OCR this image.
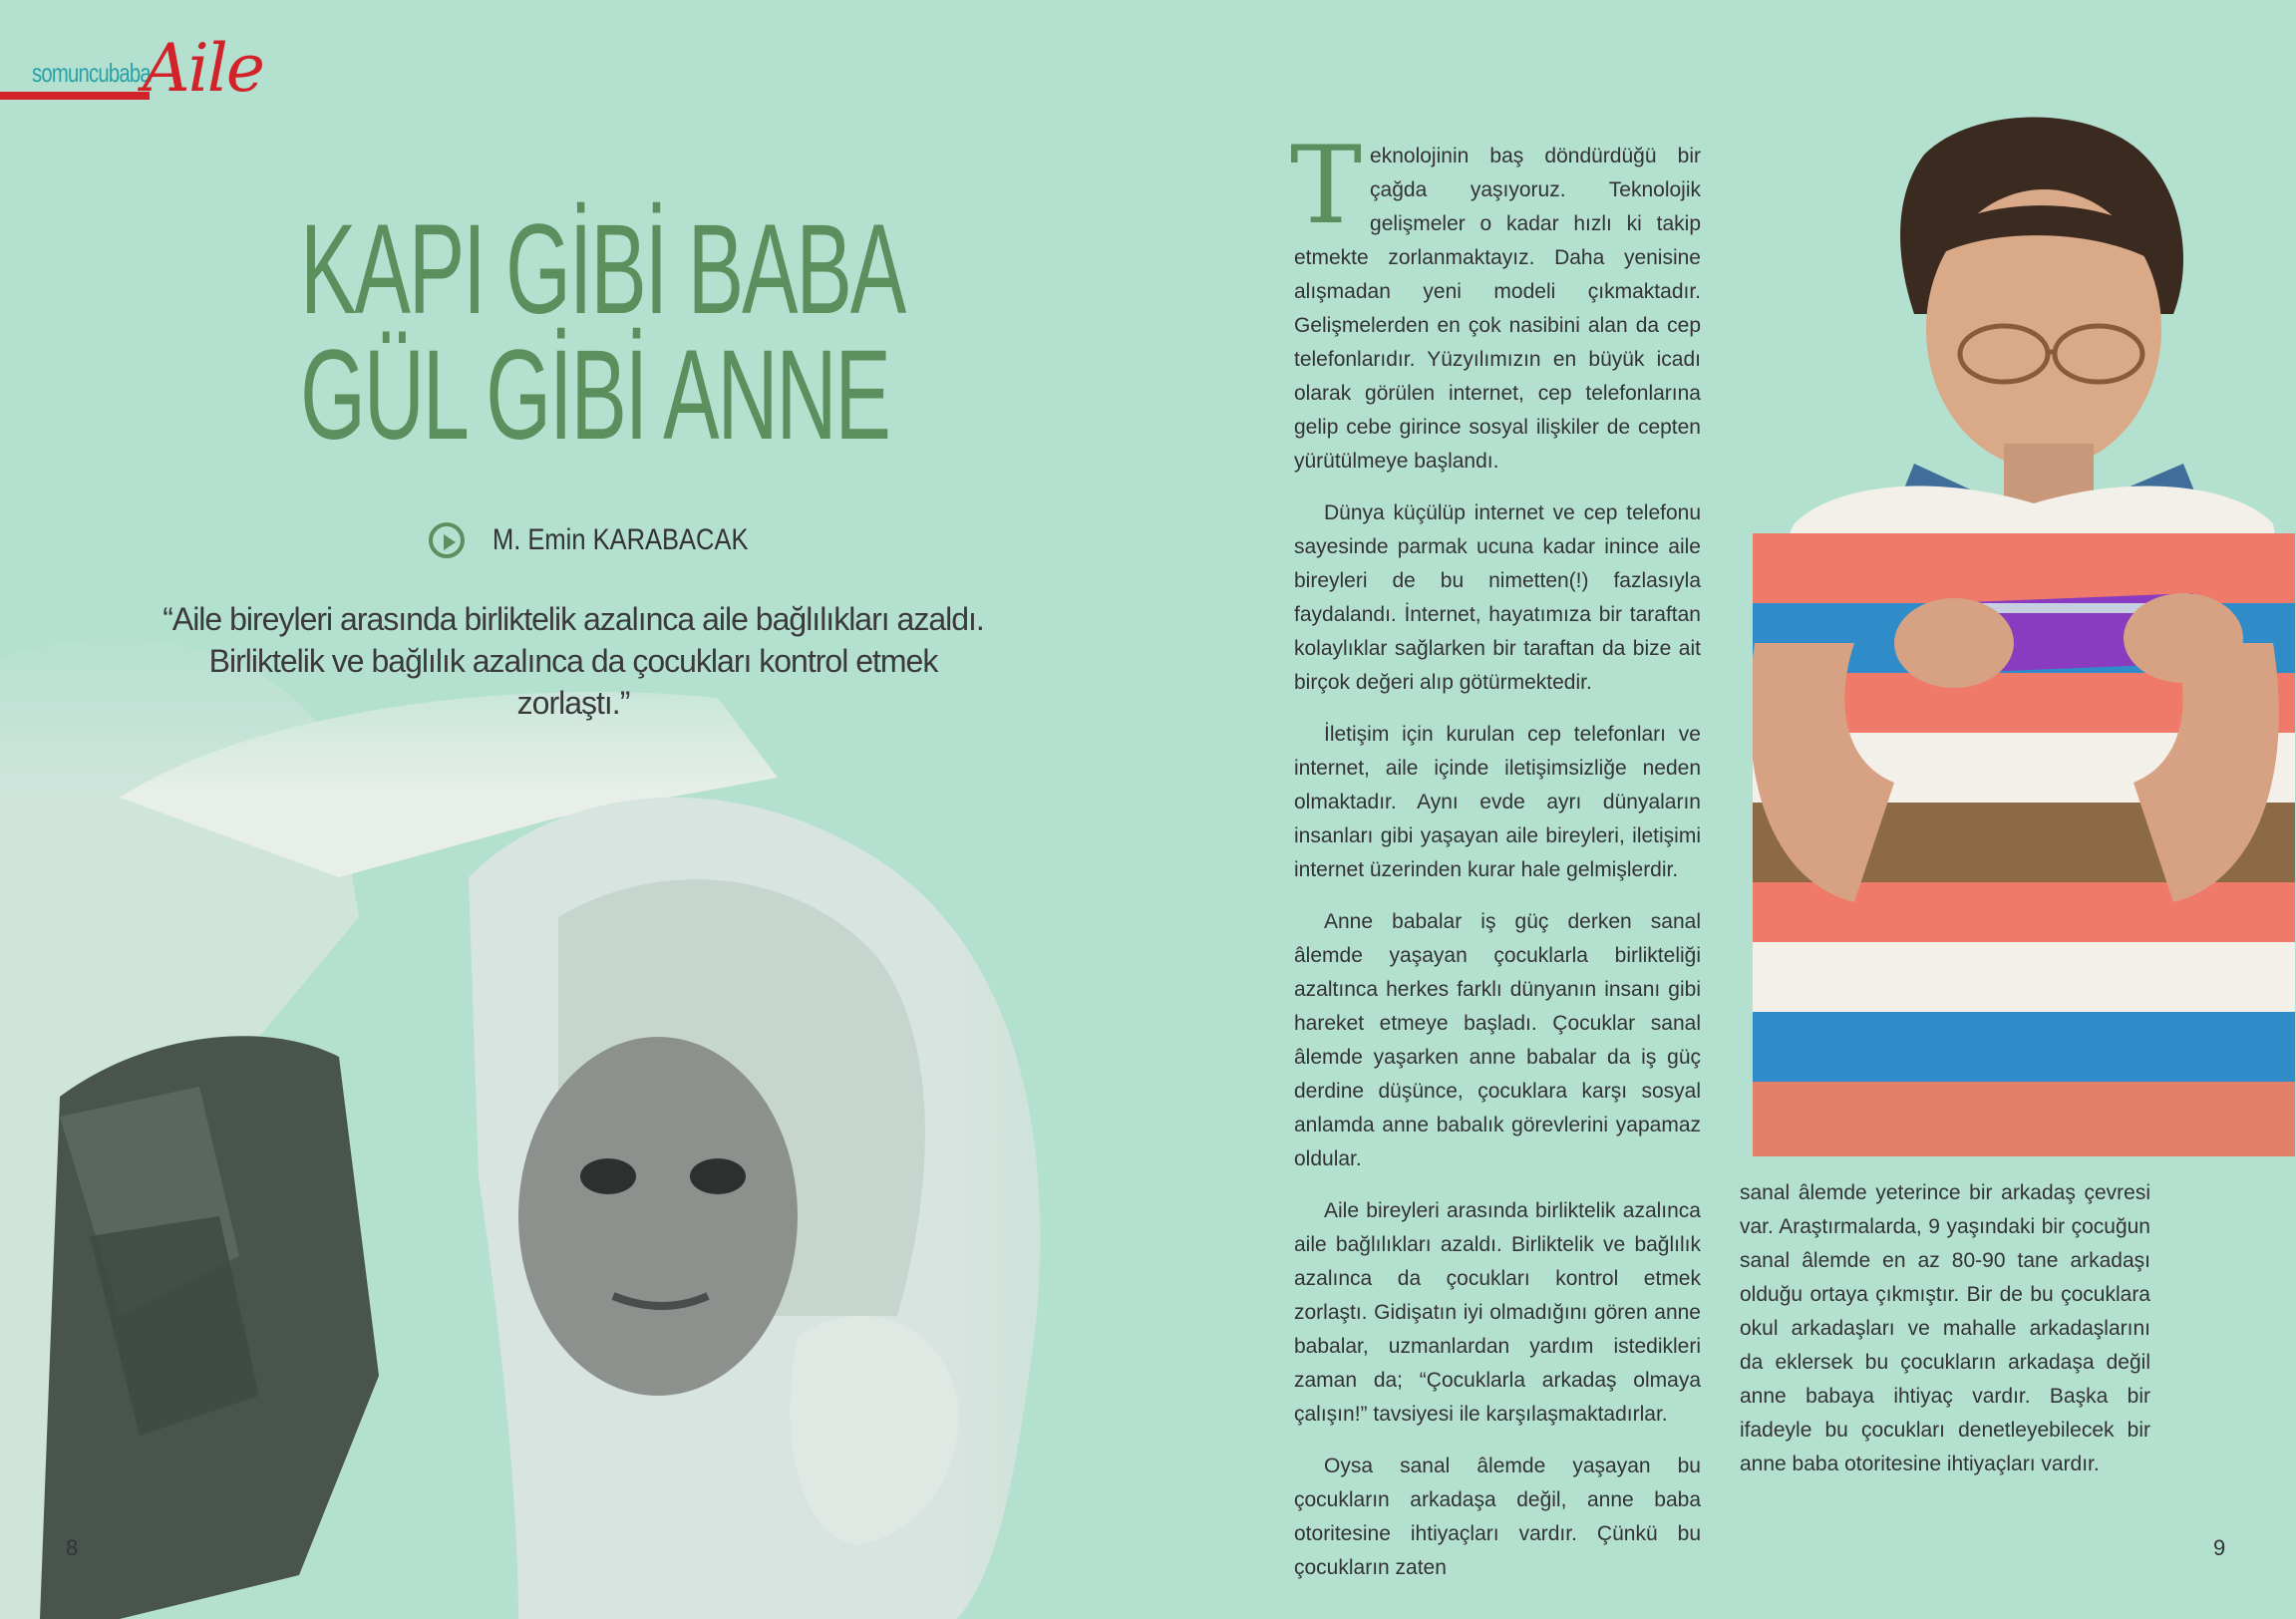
somuncubaba
Aile
KAPI GİBİ BABA
GÜL GİBİ ANNE
M. Emin KARABACAK
“Aile bireyleri arasında birliktelik azalınca aile bağlılıkları azaldı. Birliktelik ve bağlılık azalınca da çocukları kontrol etmek zorlaştı.”

Teknolojinin baş döndürdüğü bir çağda yaşıyoruz. Teknolojik gelişmeler o kadar hızlı ki takip etmekte zorlanmaktayız. Daha yenisine alışmadan yeni modeli çıkmaktadır. Gelişmelerden en çok nasibini alan da cep telefonlarıdır. Yüzyılımızın en büyük icadı olarak görülen internet, cep telefonlarına gelip cebe girince sosyal ilişkiler de cepten yürütülmeye başlandı.

Dünya küçülüp internet ve cep telefonu sayesinde parmak ucuna kadar inince aile bireyleri de bu nimetten(!) fazlasıyla faydalandı. İnternet, hayatımıza bir taraftan kolaylıklar sağlarken bir taraftan da bize ait birçok değeri alıp götürmektedir.

İletişim için kurulan cep telefonları ve internet, aile içinde iletişimsizliğe neden olmaktadır. Aynı evde ayrı dünyaların insanları gibi yaşayan aile bireyleri, iletişimi internet üzerinden kurar hale gelmişlerdir.

Anne babalar iş güç derken sanal âlemde yaşayan çocuklarla birlikteliği azaltınca herkes farklı dünyanın insanı gibi hareket etmeye başladı. Çocuklar sanal âlemde yaşarken anne babalar da iş güç derdine düşünce, çocuklara karşı sosyal anlamda anne babalık görevlerini yapamaz oldular.

Aile bireyleri arasında birliktelik azalınca aile bağlılıkları azaldı. Birliktelik ve bağlılık azalınca da çocukları kontrol etmek zorlaştı. Gidişatın iyi olmadığını gören anne babalar, uzmanlardan yardım istedikleri zaman da; “Çocuklarla arkadaş olmaya çalışın!” tavsiyesi ile karşılaşmaktadırlar.

Oysa sanal âlemde yaşayan bu çocukların arkadaşa değil, anne baba otoritesine ihtiyaçları vardır. Çünkü bu çocukların zaten

sanal âlemde yeterince bir arkadaş çevresi var. Araştırmalarda, 9 yaşındaki bir çocuğun sanal âlemde en az 80-90 tane arkadaşı olduğu ortaya çıkmıştır. Bir de bu çocuklara okul arkadaşları ve mahalle arkadaşlarını da eklersek bu çocukların arkadaşa değil anne babaya ihtiyaç vardır. Başka bir ifadeyle bu çocukları denetleyebilecek bir anne baba otoritesine ihtiyaçları vardır.

8	9
